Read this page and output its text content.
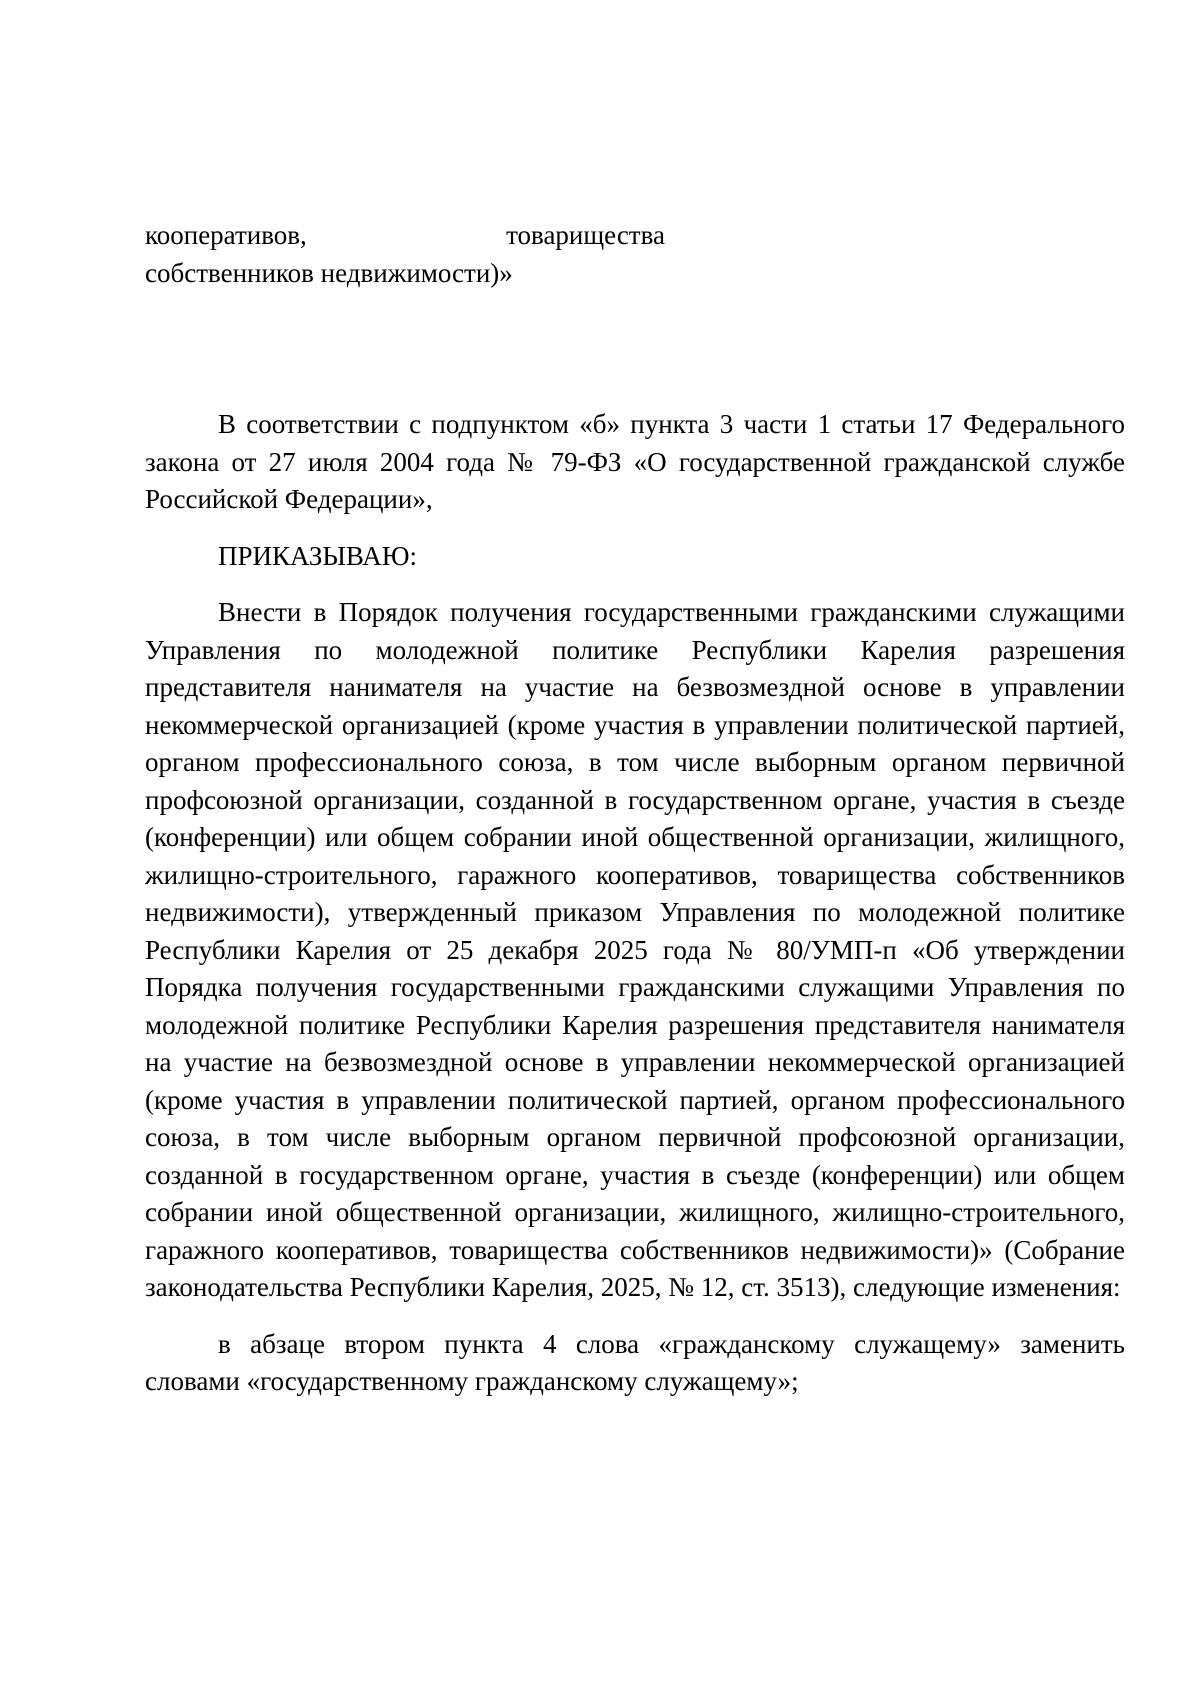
кооперативов,	товарищества
собственников недвижимости)»

В соответствии с подпунктом «б» пункта 3 части 1 статьи 17 Федерального закона от 27 июля 2004 года № 79-ФЗ «О государственной гражданской службе Российской Федерации»,

ПРИКАЗЫВАЮ:

Внести в Порядок получения государственными гражданскими служащими Управления по молодежной политике Республики Карелия разрешения представителя нанимателя на участие на безвозмездной основе в управлении некоммерческой организацией (кроме участия в управлении политической партией, органом профессионального союза, в том числе выборным органом первичной профсоюзной организации, созданной в государственном органе, участия в съезде (конференции) или общем собрании иной общественной организации, жилищного, жилищно-строительного, гаражного кооперативов, товарищества собственников недвижимости), утвержденный приказом Управления по молодежной политике Республики Карелия от 25 декабря 2025 года № 80/УМП-п «Об утверждении Порядка получения государственными гражданскими служащими Управления по молодежной политике Республики Карелия разрешения представителя нанимателя на участие на безвозмездной основе в управлении некоммерческой организацией (кроме участия в управлении политической партией, органом профессионального союза, в том числе выборным органом первичной профсоюзной организации, созданной в государственном органе, участия в съезде (конференции) или общем собрании иной общественной организации, жилищного, жилищно-строительного, гаражного кооперативов, товарищества собственников недвижимости)» (Собрание законодательства Республики Карелия, 2025, № 12, ст. 3513), следующие изменения:

в абзаце втором пункта 4 слова «гражданскому служащему» заменить словами «государственному гражданскому служащему»;
